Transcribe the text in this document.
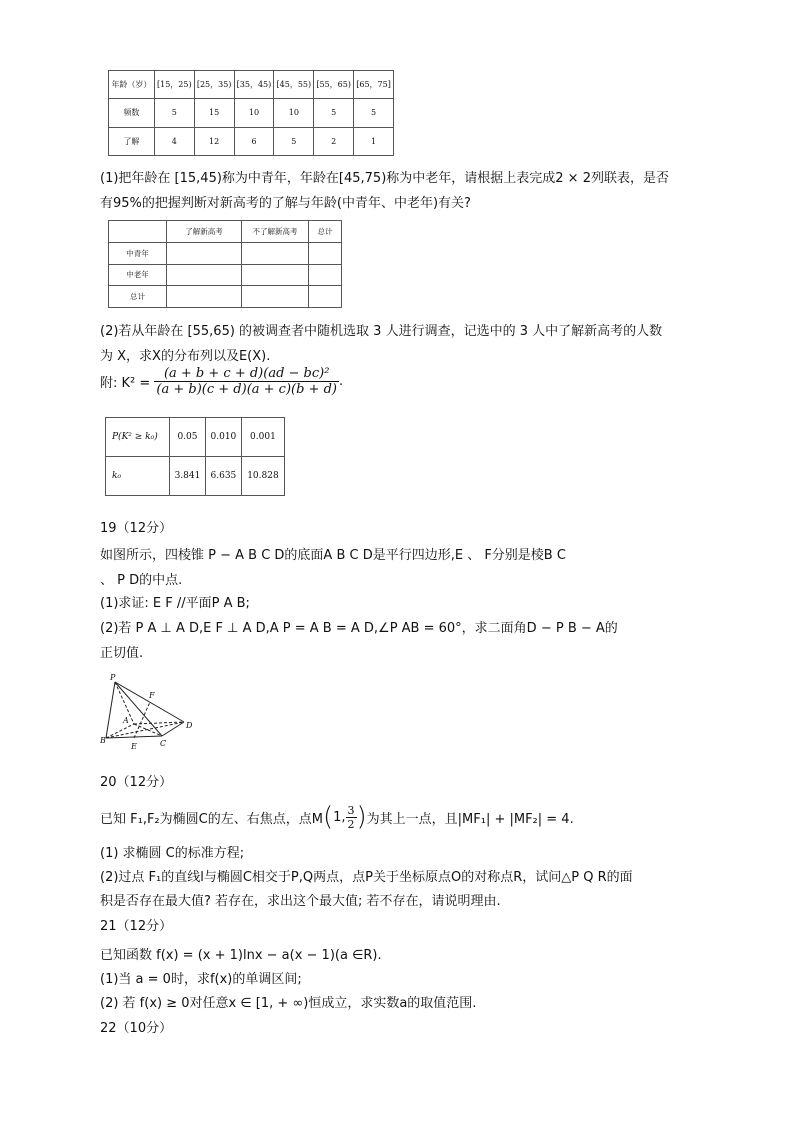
年龄（岁）	[15，25)	[25，35)	[35，45)	[45，55)	[55，65)	[65，75]
频数	5	15	10	10	5	5
了解	4	12	6	5	2	1
(1)把年龄在 [15,45)称为中青年，年龄在[45,75)称为中老年，请根据上表完成2 × 2列联表，是否
有95%的把握判断对新高考的了解与年龄(中青年、中老年)有关?
	了解新高考	不了解新高考	总计
中青年			
中老年			
总计			
(2)若从年龄在 [55,65) 的被调查者中随机选取 3 人进行调查，记选中的 3 人中了解新高考的人数
为 X，求X的分布列以及E(X).
附: $K^2 = \frac{\text{(a + b + c + d)(ad − bc)²}}{(a + b)(c + d)(a + c)(b + d)}$ .
P(K² ≥ k₀)	0.05	0.010	0.001
k₀	3.841	6.635	10.828
19（12分）
如图所示，四棱锥 P − A B C D的底面A B C D是平行四边形,E 、 F分别是棱B C
、 P D的中点.
(1)求证: E F //平面P A B;
(2)若 P A ⊥ A D,E F ⊥ A D,A P = A B = A D,∠P AB = 60°，求二面角D − P B − A的
正切值.
P
F
A
D
B
E	C
20（12分）
已知 F₁,F₂为椭圆C的左、右焦点，点M ( 1, $\frac{3}{2}$ ) 为其上一点，且|MF₁| + |MF₂| = 4.
(1) 求椭圆 C的标准方程;
(2)过点 F₁的直线l与椭圆C相交于P,Q两点，点P关于坐标原点O的对称点R，试问△P Q R的面
积是否存在最大值? 若存在，求出这个最大值; 若不存在，请说明理由.
21（12分）
已知函数 f(x) = (x + 1)lnx − a(x − 1)(a ∈R).
(1)当 a = 0时，求f(x)的单调区间;
(2) 若 f(x) ≥ 0对任意x ∈ [1, + ∞)恒成立，求实数a的取值范围.
22（10分）
